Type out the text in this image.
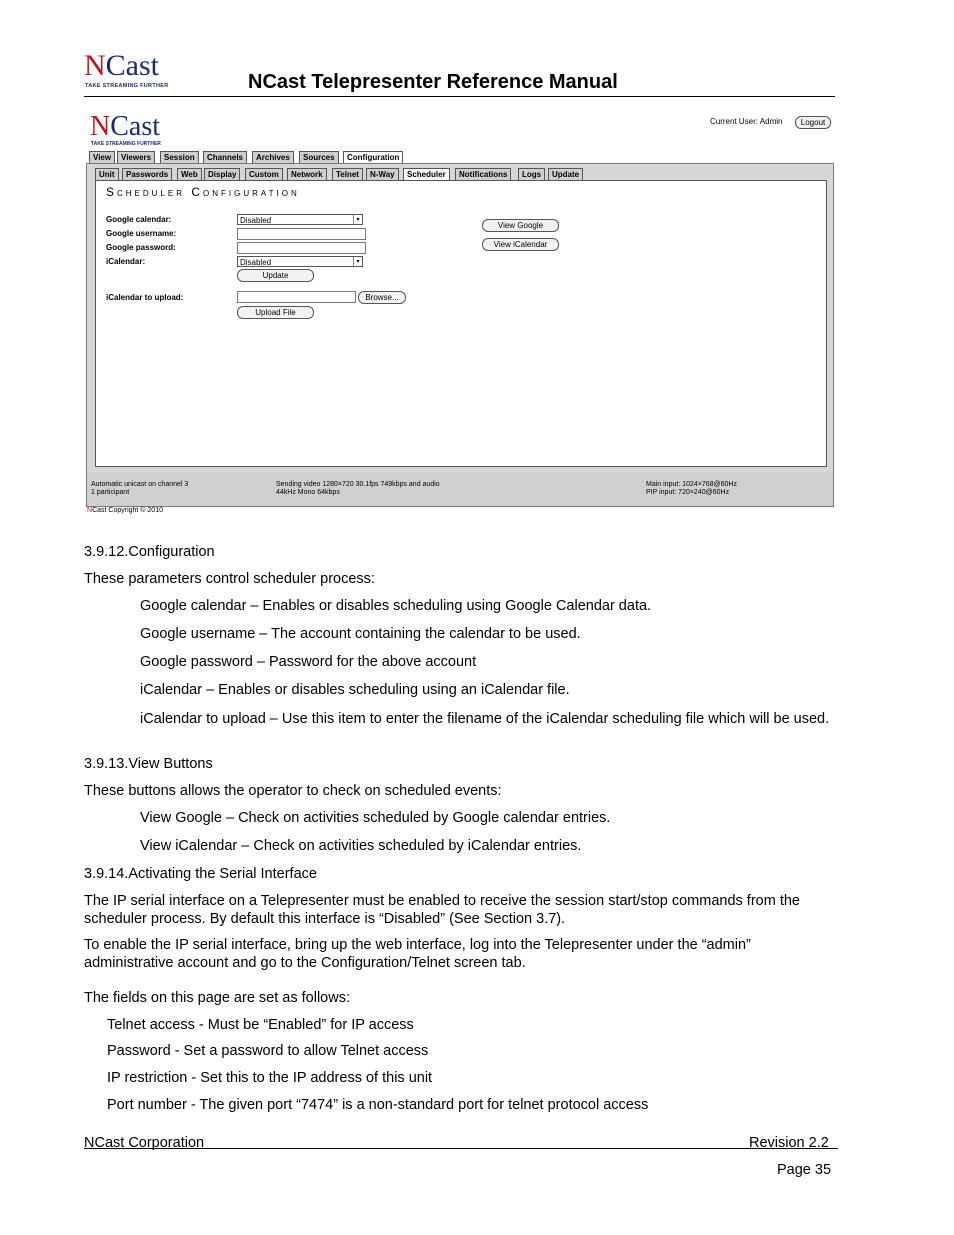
NCast
TAKE STREAMING FURTHER	NCast Telepresenter Reference Manual
NCast
TAKE STREAMING FURTHER
Current User: Admin	Logout
View	Viewers	Session	Channels	Archives	Sources	Configuration
Unit	Passwords	Web	Display	Custom	Network	Telnet	N-Way	Scheduler	Notifications	Logs	Update
Scheduler Configuration
Google calendar:	Disabled	▾
Google username:
Google password:
iCalendar:	Disabled	▾
Update
iCalendar to upload:	Browse...
Upload File
View Google
View iCalendar
Automatic unicast on channel 3
1 participant
Sending video 1280×720 30.1fps 749kbps and audio
44kHz Mono 64kbps
Main input: 1024×768@60Hz
PIP input: 720×240@60Hz
NCast Copyright © 2010
3.9.12.Configuration
These parameters control scheduler process:
Google calendar – Enables or disables scheduling using Google Calendar data.
Google username – The account containing the calendar to be used.
Google password – Password for the above account
iCalendar – Enables or disables scheduling using an iCalendar file.
iCalendar to upload – Use this item to enter the filename of the iCalendar scheduling file which will be used.
3.9.13.View Buttons
These buttons allows the operator to check on scheduled events:
View Google – Check on activities scheduled by Google calendar entries.
View iCalendar – Check on activities scheduled by iCalendar entries.
3.9.14.Activating the Serial Interface
The IP serial interface on a Telepresenter must be enabled to receive the session start/stop commands from the scheduler process. By default this interface is “Disabled” (See Section 3.7).
To enable the IP serial interface, bring up the web interface, log into the Telepresenter under the “admin” administrative account and go to the Configuration/Telnet screen tab.
The fields on this page are set as follows:
Telnet access - Must be “Enabled” for IP access
Password - Set a password to allow Telnet access
IP restriction - Set this to the IP address of this unit
Port number - The given port “7474” is a non-standard port for telnet protocol access
NCast Corporation	Revision 2.2
Page 35
